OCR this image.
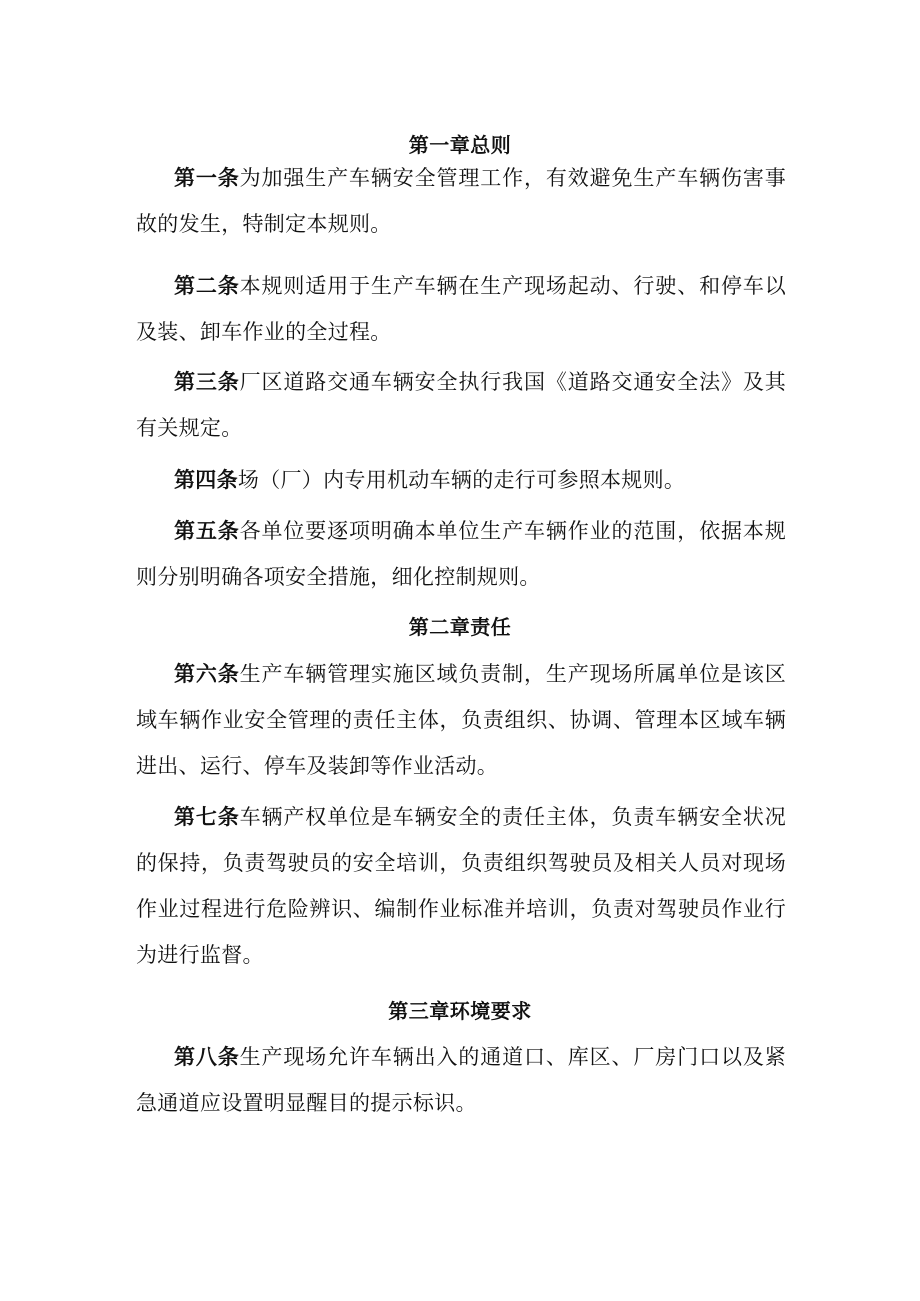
第一章总则

第一条为加强生产车辆安全管理工作，有效避免生产车辆伤害事故的发生，特制定本规则。

第二条本规则适用于生产车辆在生产现场起动、行驶、和停车以及装、卸车作业的全过程。

第三条厂区道路交通车辆安全执行我国《道路交通安全法》及其有关规定。

第四条场（厂）内专用机动车辆的走行可参照本规则。

第五条各单位要逐项明确本单位生产车辆作业的范围，依据本规则分别明确各项安全措施，细化控制规则。

第二章责任

第六条生产车辆管理实施区域负责制，生产现场所属单位是该区域车辆作业安全管理的责任主体，负责组织、协调、管理本区域车辆进出、运行、停车及装卸等作业活动。

第七条车辆产权单位是车辆安全的责任主体，负责车辆安全状况的保持，负责驾驶员的安全培训，负责组织驾驶员及相关人员对现场作业过程进行危险辨识、编制作业标准并培训，负责对驾驶员作业行为进行监督。

第三章环境要求

第八条生产现场允许车辆出入的通道口、库区、厂房门口以及紧急通道应设置明显醒目的提示标识。
